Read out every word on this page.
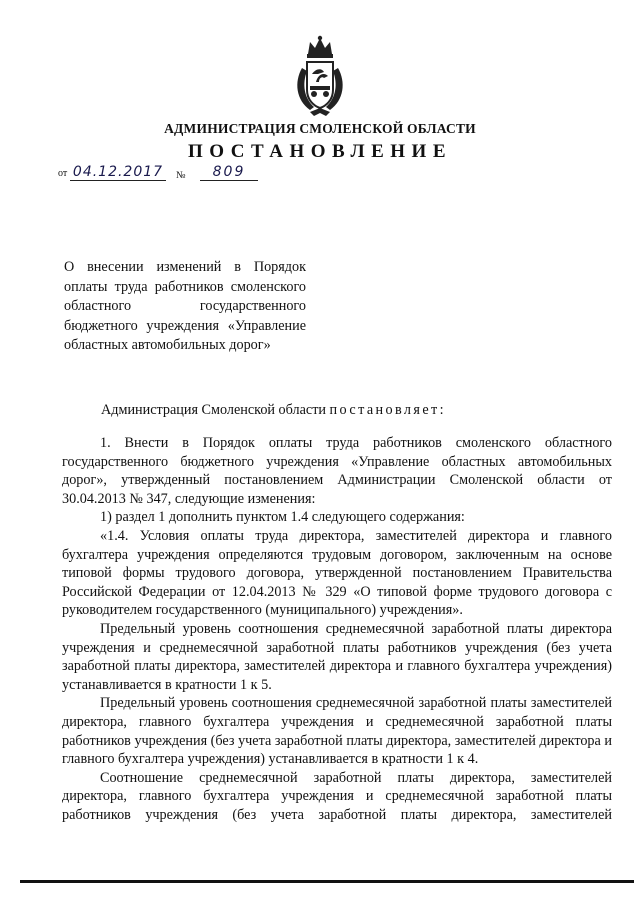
АДМИНИСТРАЦИЯ СМОЛЕНСКОЙ ОБЛАСТИ
ПОСТАНОВЛЕНИЕ
от 04.12.2017 №	809
О внесении изменений в Порядок оплаты труда работников смоленского областного государственного бюджетного учреждения «Управление областных автомобильных дорог»
Администрация Смоленской области постановляет:

1. Внести в Порядок оплаты труда работников смоленского областного государственного бюджетного учреждения «Управление областных автомобильных дорог», утвержденный постановлением Администрации Смоленской области от 30.04.2013 № 347, следующие изменения:

1) раздел 1 дополнить пунктом 1.4 следующего содержания:

«1.4. Условия оплаты труда директора, заместителей директора и главного бухгалтера учреждения определяются трудовым договором, заключенным на основе типовой формы трудового договора, утвержденной постановлением Правительства Российской Федерации от 12.04.2013 № 329 «О типовой форме трудового договора с руководителем государственного (муниципального) учреждения».

Предельный уровень соотношения среднемесячной заработной платы директора учреждения и среднемесячной заработной платы работников учреждения (без учета заработной платы директора, заместителей директора и главного бухгалтера учреждения) устанавливается в кратности 1 к 5.

Предельный уровень соотношения среднемесячной заработной платы заместителей директора, главного бухгалтера учреждения и среднемесячной заработной платы работников учреждения (без учета заработной платы директора, заместителей директора и главного бухгалтера учреждения) устанавливается в кратности 1 к 4.

Соотношение среднемесячной заработной платы директора, заместителей директора, главного бухгалтера учреждения и среднемесячной заработной платы работников учреждения (без учета заработной платы директора, заместителей
